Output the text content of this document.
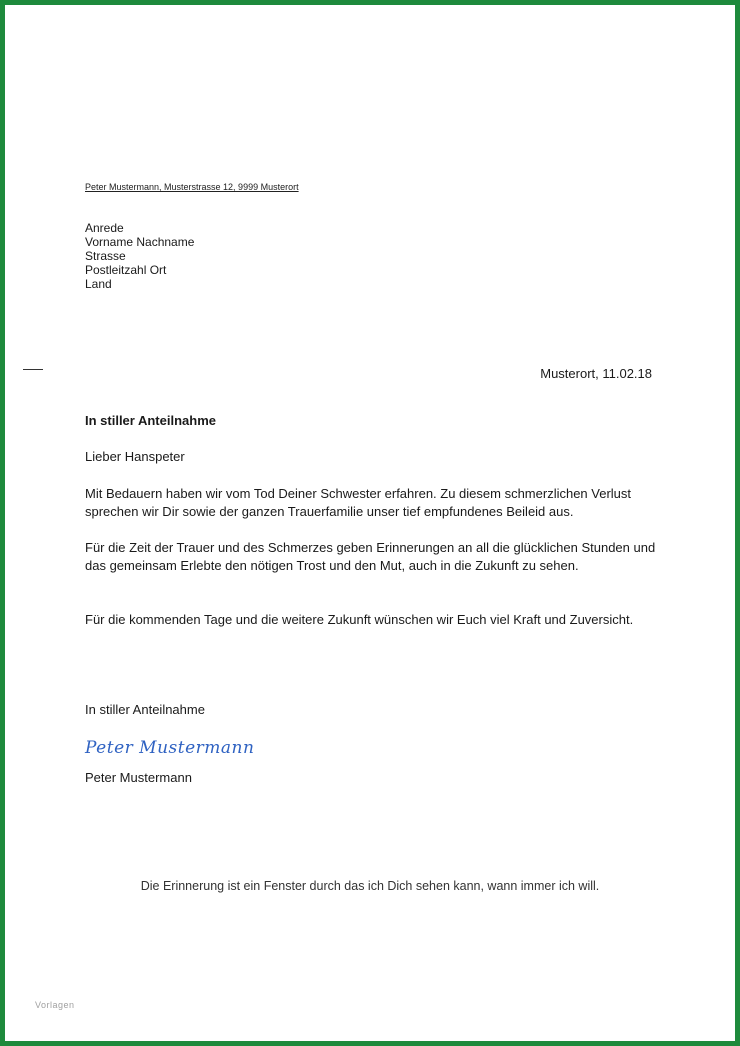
Peter Mustermann, Musterstrasse 12, 9999 Musterort
Anrede
Vorname Nachname
Strasse
Postleitzahl Ort
Land
Musterort, 11.02.18
In stiller Anteilnahme
Lieber Hanspeter
Mit Bedauern haben wir vom Tod Deiner Schwester erfahren. Zu diesem schmerzlichen Verlust sprechen wir Dir sowie der ganzen Trauerfamilie unser tief empfundenes Beileid aus.
Für die Zeit der Trauer und des Schmerzes geben Erinnerungen an all die glücklichen Stunden und das gemeinsam Erlebte den nötigen Trost und den Mut, auch in die Zukunft zu sehen.
Für die kommenden Tage und die weitere Zukunft wünschen wir Euch viel Kraft und Zuversicht.
In stiller Anteilnahme
Peter Mustermann
Peter Mustermann
Die Erinnerung ist ein Fenster durch das ich Dich sehen kann, wann immer ich will.
Vorlagen
